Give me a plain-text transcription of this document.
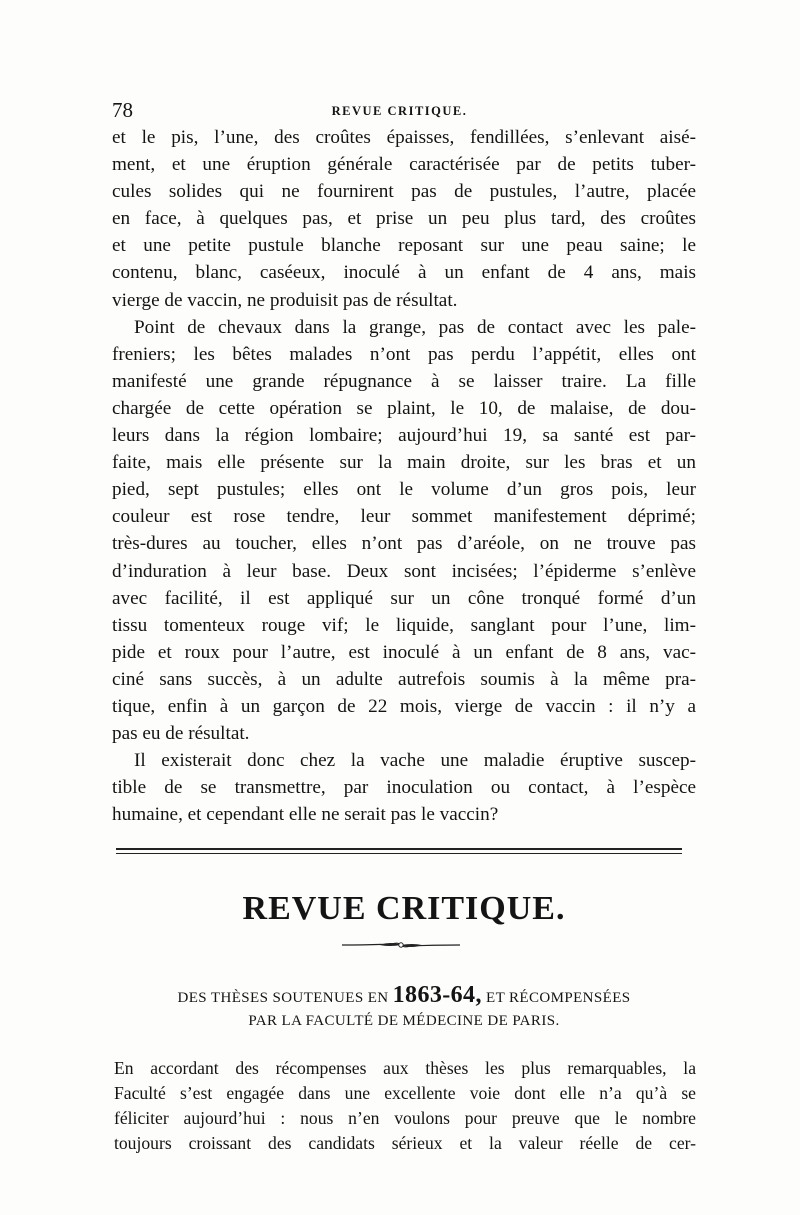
78	REVUE CRITIQUE.

et le pis, l’une, des croûtes épaisses, fendillées, s’enlevant aisé-
ment, et une éruption générale caractérisée par de petits tuber-
cules solides qui ne fournirent pas de pustules, l’autre, placée
en face, à quelques pas, et prise un peu plus tard, des croûtes
et une petite pustule blanche reposant sur une peau saine; le
contenu, blanc, caséeux, inoculé à un enfant de 4 ans, mais
vierge de vaccin, ne produisit pas de résultat.

Point de chevaux dans la grange, pas de contact avec les pale-
freniers; les bêtes malades n’ont pas perdu l’appétit, elles ont
manifesté une grande répugnance à se laisser traire. La fille
chargée de cette opération se plaint, le 10, de malaise, de dou-
leurs dans la région lombaire; aujourd’hui 19, sa santé est par-
faite, mais elle présente sur la main droite, sur les bras et un
pied, sept pustules; elles ont le volume d’un gros pois, leur
couleur est rose tendre, leur sommet manifestement déprimé;
très-dures au toucher, elles n’ont pas d’aréole, on ne trouve pas
d’induration à leur base. Deux sont incisées; l’épiderme s’enlève
avec facilité, il est appliqué sur un cône tronqué formé d’un
tissu tomenteux rouge vif; le liquide, sanglant pour l’une, lim-
pide et roux pour l’autre, est inoculé à un enfant de 8 ans, vac-
ciné sans succès, à un adulte autrefois soumis à la même pra-
tique, enfin à un garçon de 22 mois, vierge de vaccin : il n’y a
pas eu de résultat.

Il existerait donc chez la vache une maladie éruptive suscep-
tible de se transmettre, par inoculation ou contact, à l’espèce
humaine, et cependant elle ne serait pas le vaccin?

REVUE CRITIQUE.
DES THÈSES SOUTENUES EN 1863-64, ET RÉCOMPENSÉES
PAR LA FACULTÉ DE MÉDECINE DE PARIS.

En accordant des récompenses aux thèses les plus remarquables, la
Faculté s’est engagée dans une excellente voie dont elle n’a qu’à se
féliciter aujourd’hui : nous n’en voulons pour preuve que le nombre
toujours croissant des candidats sérieux et la valeur réelle de cer-
